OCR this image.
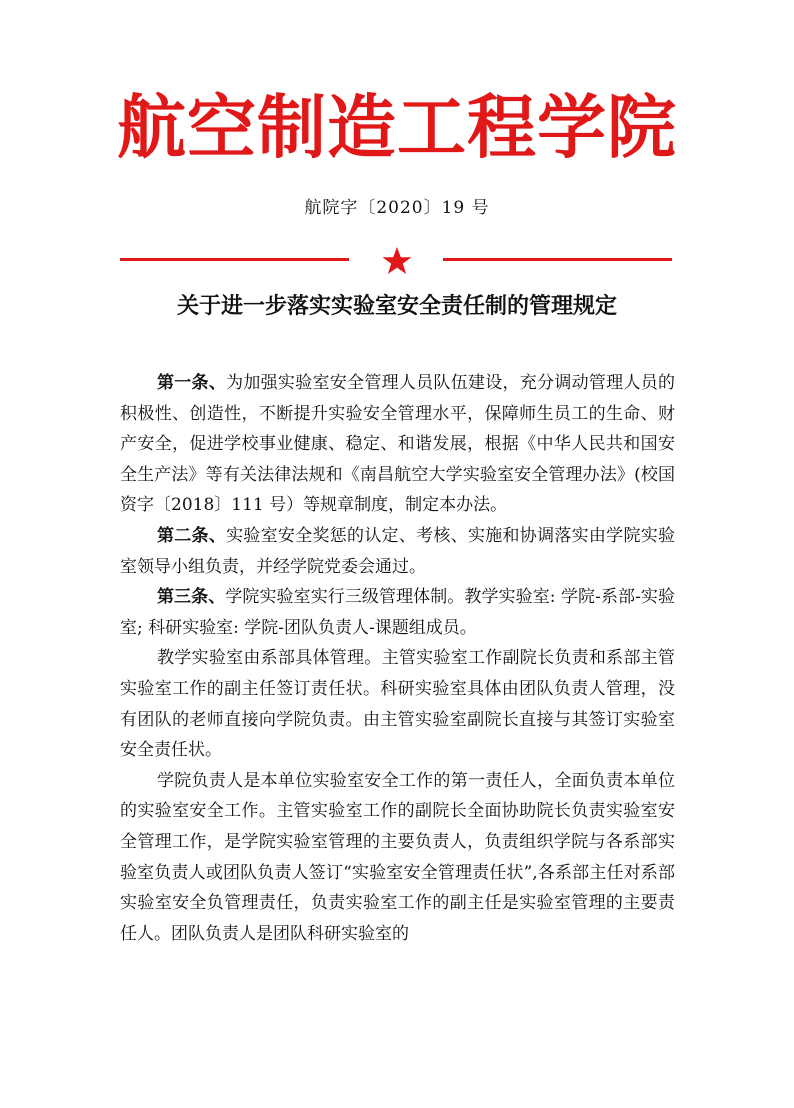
航空制造工程学院
航院字〔2020〕19 号
关于进一步落实实验室安全责任制的管理规定

第一条、为加强实验室安全管理人员队伍建设，充分调动管理人员的积极性、创造性，不断提升实验安全管理水平，保障师生员工的生命、财产安全，促进学校事业健康、稳定、和谐发展，根据《中华人民共和国安全生产法》等有关法律法规和《南昌航空大学实验室安全管理办法》(校国资字〔2018〕111 号）等规章制度，制定本办法。

第二条、实验室安全奖惩的认定、考核、实施和协调落实由学院实验室领导小组负责，并经学院党委会通过。

第三条、学院实验室实行三级管理体制。教学实验室: 学院-系部-实验室; 科研实验室: 学院-团队负责人-课题组成员。

教学实验室由系部具体管理。主管实验室工作副院长负责和系部主管实验室工作的副主任签订责任状。科研实验室具体由团队负责人管理，没有团队的老师直接向学院负责。由主管实验室副院长直接与其签订实验室安全责任状。

学院负责人是本单位实验室安全工作的第一责任人，全面负责本单位的实验室安全工作。主管实验室工作的副院长全面协助院长负责实验室安全管理工作，是学院实验室管理的主要负责人，负责组织学院与各系部实验室负责人或团队负责人签订“实验室安全管理责任状”,各系部主任对系部实验室安全负管理责任，负责实验室工作的副主任是实验室管理的主要责任人。团队负责人是团队科研实验室的
